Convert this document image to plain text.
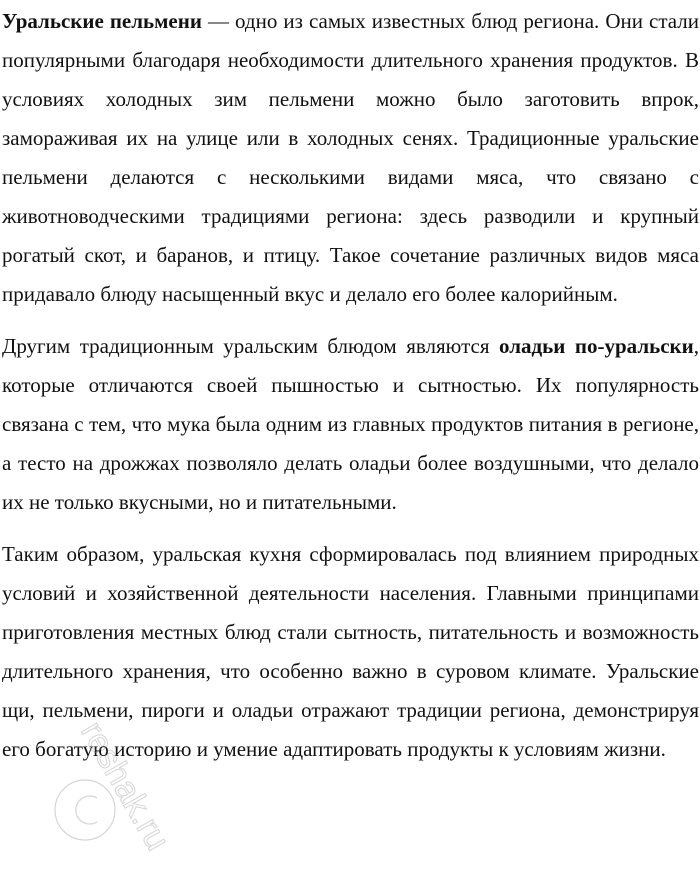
Уральские пельмени — одно из самых известных блюд региона. Они стали популярными благодаря необходимости длительного хранения продуктов. В условиях холодных зим пельмени можно было заготовить впрок, замораживая их на улице или в холодных сенях. Традиционные уральские пельмени делаются с несколькими видами мяса, что связано с животноводческими традициями региона: здесь разводили и крупный рогатый скот, и баранов, и птицу. Такое сочетание различных видов мяса придавало блюду насыщенный вкус и делало его более калорийным.

Другим традиционным уральским блюдом являются оладьи по-уральски, которые отличаются своей пышностью и сытностью. Их популярность связана с тем, что мука была одним из главных продуктов питания в регионе, а тесто на дрожжах позволяло делать оладьи более воздушными, что делало их не только вкусными, но и питательными.

Таким образом, уральская кухня сформировалась под влиянием природных условий и хозяйственной деятельности населения. Главными принципами приготовления местных блюд стали сытность, питательность и возможность длительного хранения, что особенно важно в суровом климате. Уральские щи, пельмени, пироги и оладьи отражают традиции региона, демонстрируя его богатую историю и умение адаптировать продукты к условиям жизни.

reshak.ru
